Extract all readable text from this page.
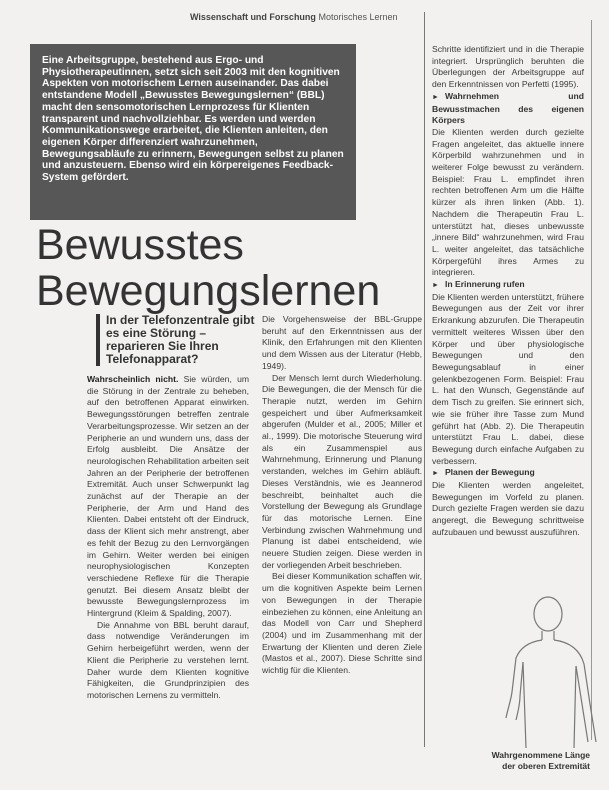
Wissenschaft und Forschung Motorisches Lernen
Eine Arbeitsgruppe, bestehend aus Ergo- und Physiotherapeutinnen, setzt sich seit 2003 mit den kognitiven Aspekten von motorischem Lernen auseinander. Das dabei entstandene Modell „Bewusstes Bewegungslernen“ (BBL) macht den sensomotorischen Lernprozess für Klienten transparent und nachvollziehbar. Es werden und werden Kommunikationswege erarbeitet, die Klienten anleiten, den eigenen Körper differenziert wahrzunehmen, Bewegungsabläufe zu erinnern, Bewegungen selbst zu planen und anzusteuern. Ebenso wird ein körpereigenes Feedback-System gefördert.
Bewusstes
Bewegungslernen
In der Telefonzentrale gibt es eine Störung – reparieren Sie Ihren Telefonapparat?

Wahrscheinlich nicht. Sie würden, um die Störung in der Zentrale zu beheben, auf den betroffenen Apparat einwirken. Bewegungsstörungen betreffen zentrale Verarbeitungsprozesse. Wir setzen an der Peripherie an und wundern uns, dass der Erfolg ausbleibt. Die Ansätze der neurologischen Rehabilitation arbeiten seit Jahren an der Peripherie der betroffenen Extremität. Auch unser Schwerpunkt lag zunächst auf der Therapie an der Peripherie, der Arm und Hand des Klienten. Dabei entsteht oft der Eindruck, dass der Klient sich mehr anstrengt, aber es fehlt der Bezug zu den Lernvorgängen im Gehirn. Weiter werden bei einigen neurophysiologischen Konzepten verschiedene Reflexe für die Therapie genutzt. Bei diesem Ansatz bleibt der bewusste Bewegungslernprozess im Hintergrund (Kleim & Spalding, 2007).

Die Annahme von BBL beruht darauf, dass notwendige Veränderungen im Gehirn herbeigeführt werden, wenn der Klient die Peripherie zu verstehen lernt. Daher wurde dem Klienten kognitive Fähigkeiten, die Grundprinzipien des motorischen Lernens zu vermitteln.

Die Vorgehensweise der BBL-Gruppe beruht auf den Erkenntnissen aus der Klinik, den Erfahrungen mit den Klienten und dem Wissen aus der Literatur (Hebb, 1949).

Der Mensch lernt durch Wiederholung. Die Bewegungen, die der Mensch für die Therapie nutzt, werden im Gehirn gespeichert und über Aufmerksamkeit abgerufen (Mulder et al., 2005; Miller et al., 1999). Die motorische Steuerung wird als ein Zusammenspiel aus Wahrnehmung, Erinnerung und Planung verstanden, welches im Gehirn abläuft. Dieses Verständnis, wie es Jeannerod beschreibt, beinhaltet auch die Vorstellung der Bewegung als Grundlage für das motorische Lernen. Eine Verbindung zwischen Wahrnehmung und Planung ist dabei entscheidend, wie neuere Studien zeigen. Diese werden in der vorliegenden Arbeit beschrieben.

Bei dieser Kommunikation schaffen wir, um die kognitiven Aspekte beim Lernen von Bewegungen in der Therapie einbeziehen zu können, eine Anleitung an das Modell von Carr und Shepherd (2004) und im Zusammenhang mit der Erwartung der Klienten und deren Ziele (Mastos et al., 2007). Diese Schritte sind wichtig für die Klienten.

Schritte identifiziert und in die Therapie integriert. Ursprünglich beruhten die Überlegungen der Arbeitsgruppe auf den Erkenntnissen von Perfetti (1995).

► Wahrnehmen und Bewusstmachen des eigenen Körpers

Die Klienten werden durch gezielte Fragen angeleitet, das aktuelle innere Körperbild wahrzunehmen und in weiterer Folge bewusst zu verändern. Beispiel: Frau L. empfindet ihren rechten betroffenen Arm um die Hälfte kürzer als ihren linken (Abb. 1). Nachdem die Therapeutin Frau L. unterstützt hat, dieses unbewusste „innere Bild“ wahrzunehmen, wird Frau L. weiter angeleitet, das tatsächliche Körpergefühl ihres Armes zu integrieren.

► In Erinnerung rufen

Die Klienten werden unterstützt, frühere Bewegungen aus der Zeit vor ihrer Erkrankung abzurufen. Die Therapeutin vermittelt weiteres Wissen über den Körper und über physiologische Bewegungen und den Bewegungsablauf in einer gelenkbezogenen Form. Beispiel: Frau L. hat den Wunsch, Gegenstände auf dem Tisch zu greifen. Sie erinnert sich, wie sie früher ihre Tasse zum Mund geführt hat (Abb. 2). Die Therapeutin unterstützt Frau L. dabei, diese Bewegung durch einfache Aufgaben zu verbessern.

► Planen der Bewegung

Die Klienten werden angeleitet, Bewegungen im Vorfeld zu planen. Durch gezielte Fragen werden sie dazu angeregt, die Bewegung schrittweise aufzubauen und bewusst auszuführen.

Wahrgenommene Länge der oberen Extremität
